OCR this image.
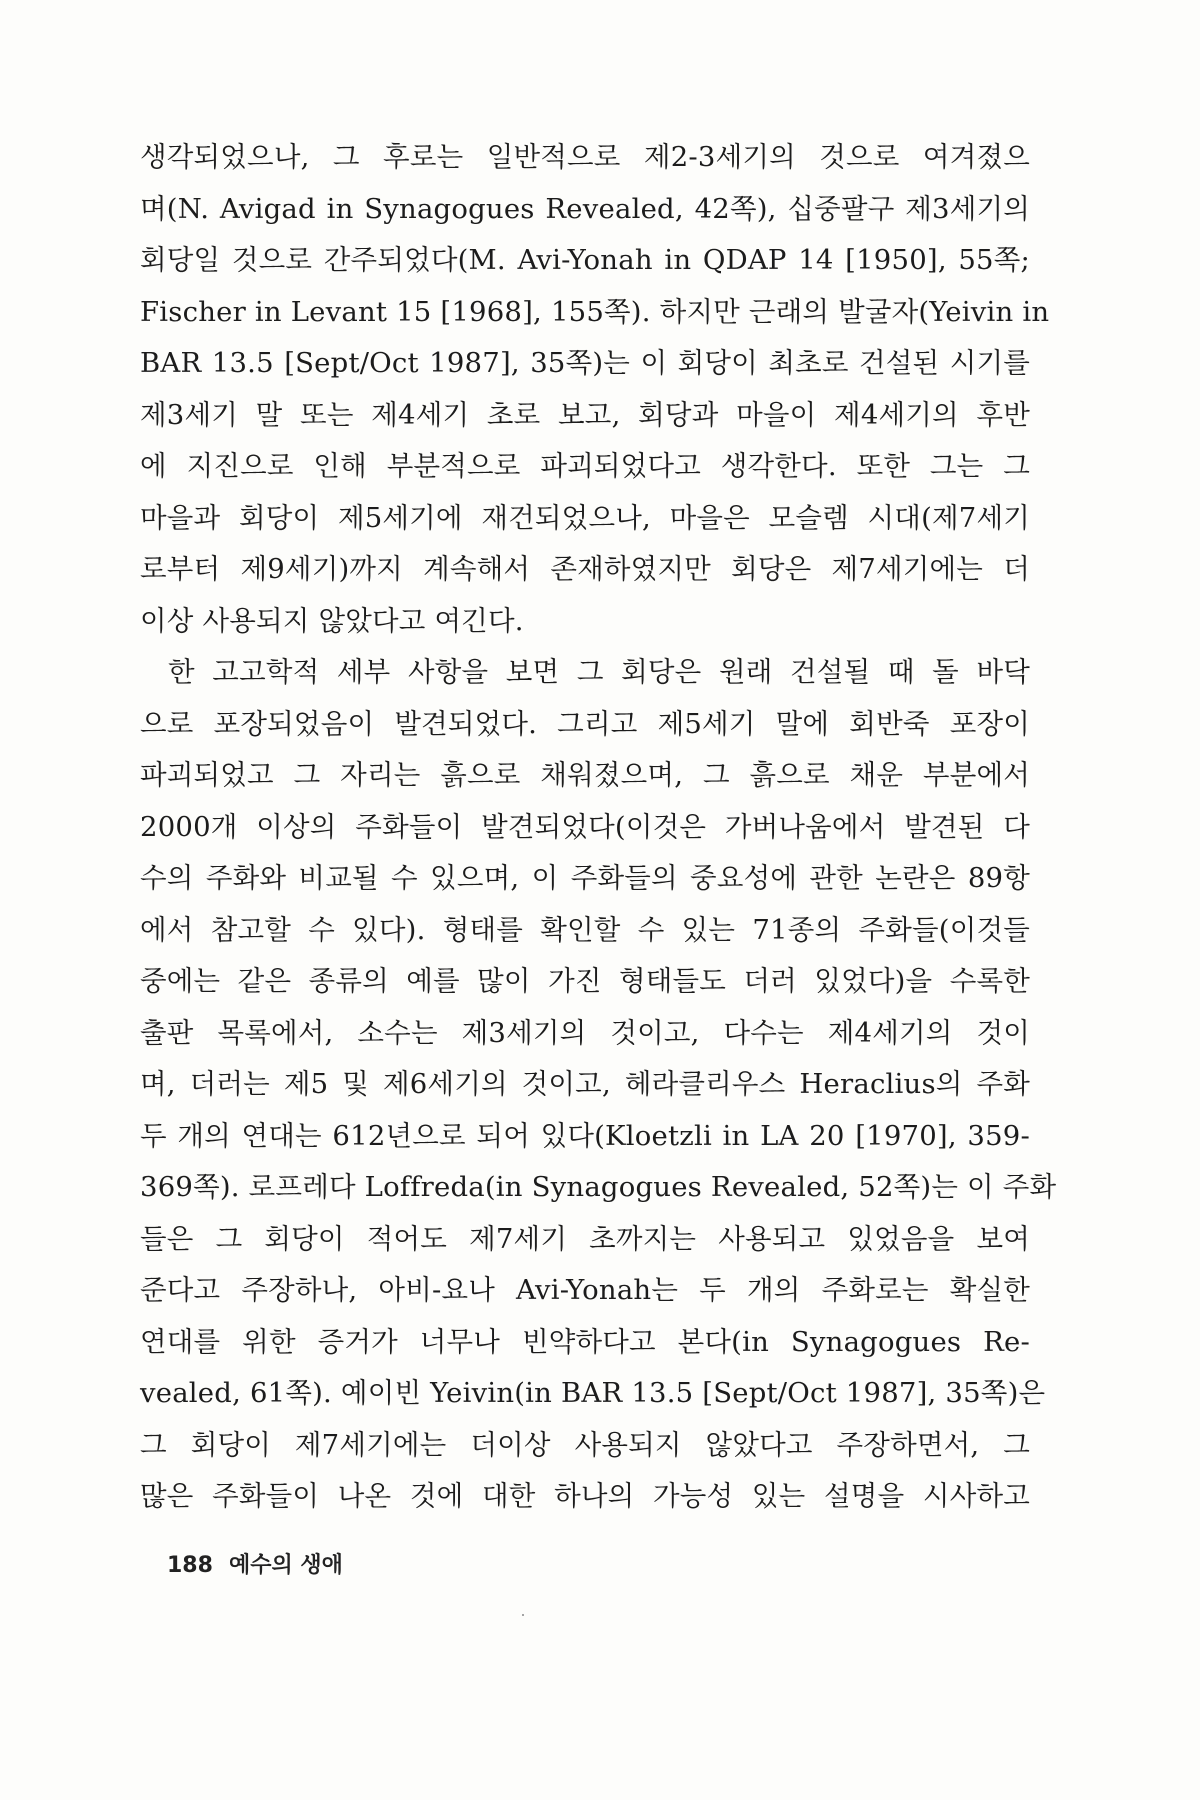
생각되었으나, 그 후로는 일반적으로 제2-3세기의 것으로 여겨졌으
며(N. Avigad in Synagogues Revealed, 42쪽), 십중팔구 제3세기의
회당일 것으로 간주되었다(M. Avi-Yonah in QDAP 14 [1950], 55쪽;
Fischer in Levant 15 [1968], 155쪽). 하지만 근래의 발굴자(Yeivin in
BAR 13.5 [Sept/Oct 1987], 35쪽)는 이 회당이 최초로 건설된 시기를
제3세기 말 또는 제4세기 초로 보고, 회당과 마을이 제4세기의 후반
에 지진으로 인해 부분적으로 파괴되었다고 생각한다. 또한 그는 그
마을과 회당이 제5세기에 재건되었으나, 마을은 모슬렘 시대(제7세기
로부터 제9세기)까지 계속해서 존재하였지만 회당은 제7세기에는 더
이상 사용되지 않았다고 여긴다.
한 고고학적 세부 사항을 보면 그 회당은 원래 건설될 때 돌 바닥
으로 포장되었음이 발견되었다. 그리고 제5세기 말에 회반죽 포장이
파괴되었고 그 자리는 흙으로 채워졌으며, 그 흙으로 채운 부분에서
2000개 이상의 주화들이 발견되었다(이것은 가버나움에서 발견된 다
수의 주화와 비교될 수 있으며, 이 주화들의 중요성에 관한 논란은 89항
에서 참고할 수 있다). 형태를 확인할 수 있는 71종의 주화들(이것들
중에는 같은 종류의 예를 많이 가진 형태들도 더러 있었다)을 수록한
출판 목록에서, 소수는 제3세기의 것이고, 다수는 제4세기의 것이
며, 더러는 제5 및 제6세기의 것이고, 헤라클리우스 Heraclius의 주화
두 개의 연대는 612년으로 되어 있다(Kloetzli in LA 20 [1970], 359-
369쪽). 로프레다 Loffreda(in Synagogues Revealed, 52쪽)는 이 주화
들은 그 회당이 적어도 제7세기 초까지는 사용되고 있었음을 보여
준다고 주장하나, 아비-요나 Avi-Yonah는 두 개의 주화로는 확실한
연대를 위한 증거가 너무나 빈약하다고 본다(in Synagogues Re-
vealed, 61쪽). 예이빈 Yeivin(in BAR 13.5 [Sept/Oct 1987], 35쪽)은
그 회당이 제7세기에는 더이상 사용되지 않았다고 주장하면서, 그
많은 주화들이 나온 것에 대한 하나의 가능성 있는 설명을 시사하고
188 예수의 생애
